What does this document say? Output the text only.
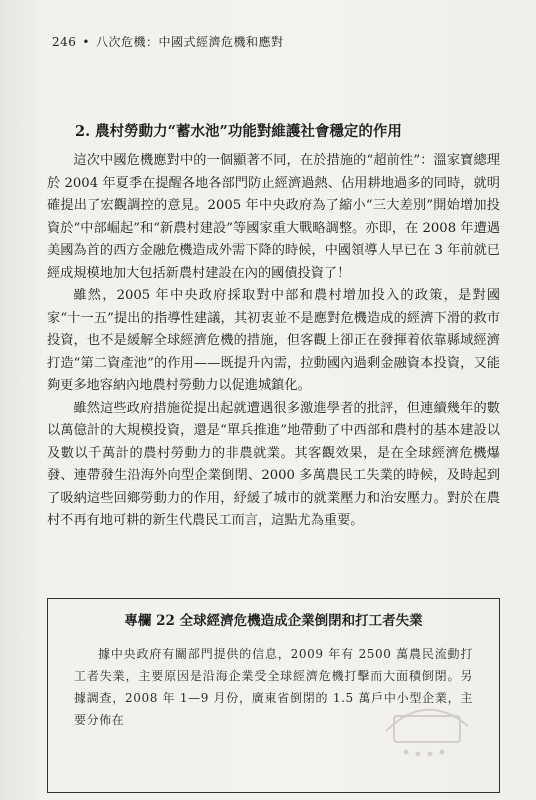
246 • 八次危機：中國式經濟危機和應對
2. 農村勞動力“蓄水池”功能對維護社會穩定的作用

這次中國危機應對中的一個顯著不同，在於措施的“超前性”：溫家寶總理於 2004 年夏季在提醒各地各部門防止經濟過熱、佔用耕地過多的同時，就明確提出了宏觀調控的意見。2005 年中央政府為了縮小“三大差別”開始增加投資於“中部崛起”和“新農村建設”等國家重大戰略調整。亦即，在 2008 年遭遇美國為首的西方金融危機造成外需下降的時候，中國領導人早已在 3 年前就已經成規模地加大包括新農村建設在內的國債投資了！

雖然，2005 年中央政府採取對中部和農村增加投入的政策，是對國家“十一五”提出的指導性建議，其初衷並不是應對危機造成的經濟下滑的救市投資，也不是緩解全球經濟危機的措施，但客觀上卻正在發揮着依靠縣域經濟打造“第二資產池”的作用——既提升內需，拉動國內過剩金融資本投資，又能夠更多地容納內地農村勞動力以促進城鎮化。

雖然這些政府措施從提出起就遭遇很多激進學者的批評，但連續幾年的數以萬億計的大規模投資，還是“單兵推進”地帶動了中西部和農村的基本建設以及數以千萬計的農村勞動力的非農就業。其客觀效果，是在全球經濟危機爆發、連帶發生沿海外向型企業倒閉、2000 多萬農民工失業的時候，及時起到了吸納這些回鄉勞動力的作用，紓緩了城市的就業壓力和治安壓力。對於在農村不再有地可耕的新生代農民工而言，這點尤為重要。

專欄 22 全球經濟危機造成企業倒閉和打工者失業
據中央政府有關部門提供的信息，2009 年有 2500 萬農民流動打工者失業，主要原因是沿海企業受全球經濟危機打擊而大面積倒閉。另據調查，2008 年 1—9 月份，廣東省倒閉的 1.5 萬戶中小型企業，主要分佈在
